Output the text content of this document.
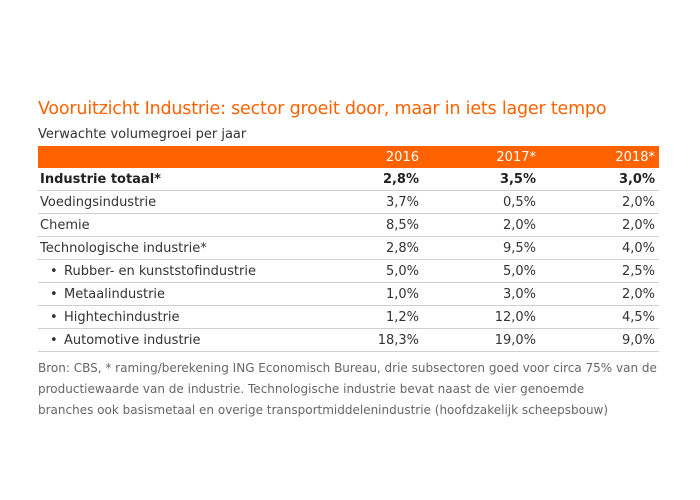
Vooruitzicht Industrie: sector groeit door, maar in iets lager tempo
Verwachte volumegroei per jaar
	2016	2017*	2018*
Industrie totaal*	2,8%	3,5%	3,0%
Voedingsindustrie	3,7%	0,5%	2,0%
Chemie	8,5%	2,0%	2,0%
Technologische industrie*	2,8%	9,5%	4,0%
• Rubber- en kunststofindustrie	5,0%	5,0%	2,5%
• Metaalindustrie	1,0%	3,0%	2,0%
• Hightechindustrie	1,2%	12,0%	4,5%
• Automotive industrie	18,3%	19,0%	9,0%
Bron: CBS, * raming/berekening ING Economisch Bureau, drie subsectoren goed voor circa 75% van de
productiewaarde van de industrie. Technologische industrie bevat naast de vier genoemde
branches ook basismetaal en overige transportmiddelenindustrie (hoofdzakelijk scheepsbouw)
